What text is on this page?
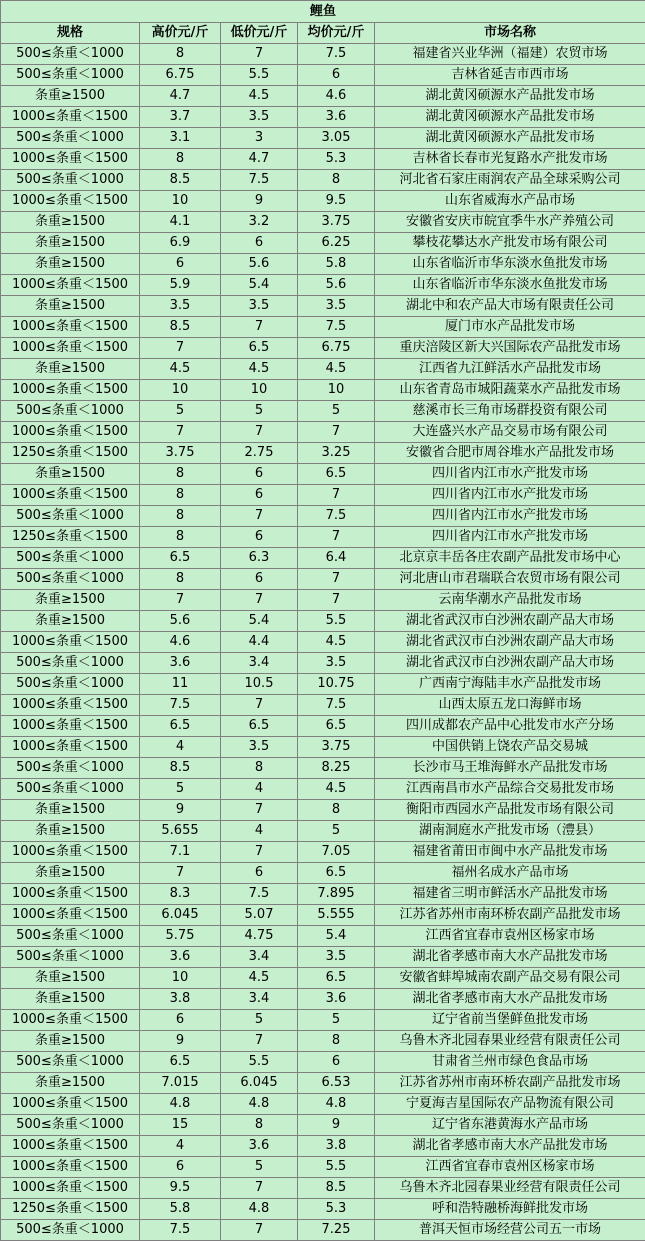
鲤鱼				
规格	高价元/斤	低价元/斤	均价元/斤	市场名称
500≤条重＜1000	8	7	7.5	福建省兴业华洲（福建）农贸市场
500≤条重＜1000	6.75	5.5	6	吉林省延吉市西市场
条重≥1500	4.7	4.5	4.6	湖北黄冈硕源水产品批发市场
1000≤条重＜1500	3.7	3.5	3.6	湖北黄冈硕源水产品批发市场
500≤条重＜1000	3.1	3	3.05	湖北黄冈硕源水产品批发市场
1000≤条重＜1500	8	4.7	5.3	吉林省长春市光复路水产批发市场
500≤条重＜1000	8.5	7.5	8	河北省石家庄雨润农产品全球采购公司
1000≤条重＜1500	10	9	9.5	山东省威海水产品市场
条重≥1500	4.1	3.2	3.75	安徽省安庆市皖宜季牛水产养殖公司
条重≥1500	6.9	6	6.25	攀枝花攀达水产批发市场有限公司
条重≥1500	6	5.6	5.8	山东省临沂市华东淡水鱼批发市场
1000≤条重＜1500	5.9	5.4	5.6	山东省临沂市华东淡水鱼批发市场
条重≥1500	3.5	3.5	3.5	湖北中和农产品大市场有限责任公司
1000≤条重＜1500	8.5	7	7.5	厦门市水产品批发市场
1000≤条重＜1500	7	6.5	6.75	重庆涪陵区新大兴国际农产品批发市场
条重≥1500	4.5	4.5	4.5	江西省九江鲜活水产品批发市场
1000≤条重＜1500	10	10	10	山东省青岛市城阳蔬菜水产品批发市场
500≤条重＜1000	5	5	5	慈溪市长三角市场群投资有限公司
1000≤条重＜1500	7	7	7	大连盛兴水产品交易市场有限公司
1250≤条重＜1500	3.75	2.75	3.25	安徽省合肥市周谷堆水产品批发市场
条重≥1500	8	6	6.5	四川省内江市水产批发市场
1000≤条重＜1500	8	6	7	四川省内江市水产批发市场
500≤条重＜1000	8	7	7.5	四川省内江市水产批发市场
1250≤条重＜1500	8	6	7	四川省内江市水产批发市场
500≤条重＜1000	6.5	6.3	6.4	北京京丰岳各庄农副产品批发市场中心
500≤条重＜1000	8	6	7	河北唐山市君瑞联合农贸市场有限公司
条重≥1500	7	7	7	云南华潮水产品批发市场
条重≥1500	5.6	5.4	5.5	湖北省武汉市白沙洲农副产品大市场
1000≤条重＜1500	4.6	4.4	4.5	湖北省武汉市白沙洲农副产品大市场
500≤条重＜1000	3.6	3.4	3.5	湖北省武汉市白沙洲农副产品大市场
500≤条重＜1000	11	10.5	10.75	广西南宁海陆丰水产品批发市场
1000≤条重＜1500	7.5	7	7.5	山西太原五龙口海鲜市场
1000≤条重＜1500	6.5	6.5	6.5	四川成都农产品中心批发市水产分场
1000≤条重＜1500	4	3.5	3.75	中国供销上饶农产品交易城
500≤条重＜1000	8.5	8	8.25	长沙市马王堆海鲜水产品批发市场
500≤条重＜1000	5	4	4.5	江西南昌市水产品综合交易批发市场
条重≥1500	9	7	8	衡阳市西园水产品批发市场有限公司
条重≥1500	5.655	4	5	湖南洞庭水产批发市场（澧县）
1000≤条重＜1500	7.1	7	7.05	福建省莆田市闽中水产品批发市场
条重≥1500	7	6	6.5	福州名成水产品市场
1000≤条重＜1500	8.3	7.5	7.895	福建省三明市鲜活水产品批发市场
1000≤条重＜1500	6.045	5.07	5.555	江苏省苏州市南环桥农副产品批发市场
500≤条重＜1000	5.75	4.75	5.4	江西省宜春市袁州区杨家市场
500≤条重＜1000	3.6	3.4	3.5	湖北省孝感市南大水产品批发市场
条重≥1500	10	4.5	6.5	安徽省蚌埠城南农副产品交易有限公司
条重≥1500	3.8	3.4	3.6	湖北省孝感市南大水产品批发市场
1000≤条重＜1500	6	5	5	辽宁省前当堡鲜鱼批发市场
条重≥1500	9	7	8	乌鲁木齐北园春果业经营有限责任公司
500≤条重＜1000	6.5	5.5	6	甘肃省兰州市绿色食品市场
条重≥1500	7.015	6.045	6.53	江苏省苏州市南环桥农副产品批发市场
1000≤条重＜1500	4.8	4.8	4.8	宁夏海吉星国际农产品物流有限公司
500≤条重＜1000	15	8	9	辽宁省东港黄海水产品市场
1000≤条重＜1500	4	3.6	3.8	湖北省孝感市南大水产品批发市场
1000≤条重＜1500	6	5	5.5	江西省宜春市袁州区杨家市场
1000≤条重＜1500	9.5	7	8.5	乌鲁木齐北园春果业经营有限责任公司
1250≤条重＜1500	5.8	4.8	5.3	呼和浩特融桥海鲜批发市场
500≤条重＜1000	7.5	7	7.25	普洱天恒市场经营公司五一市场
